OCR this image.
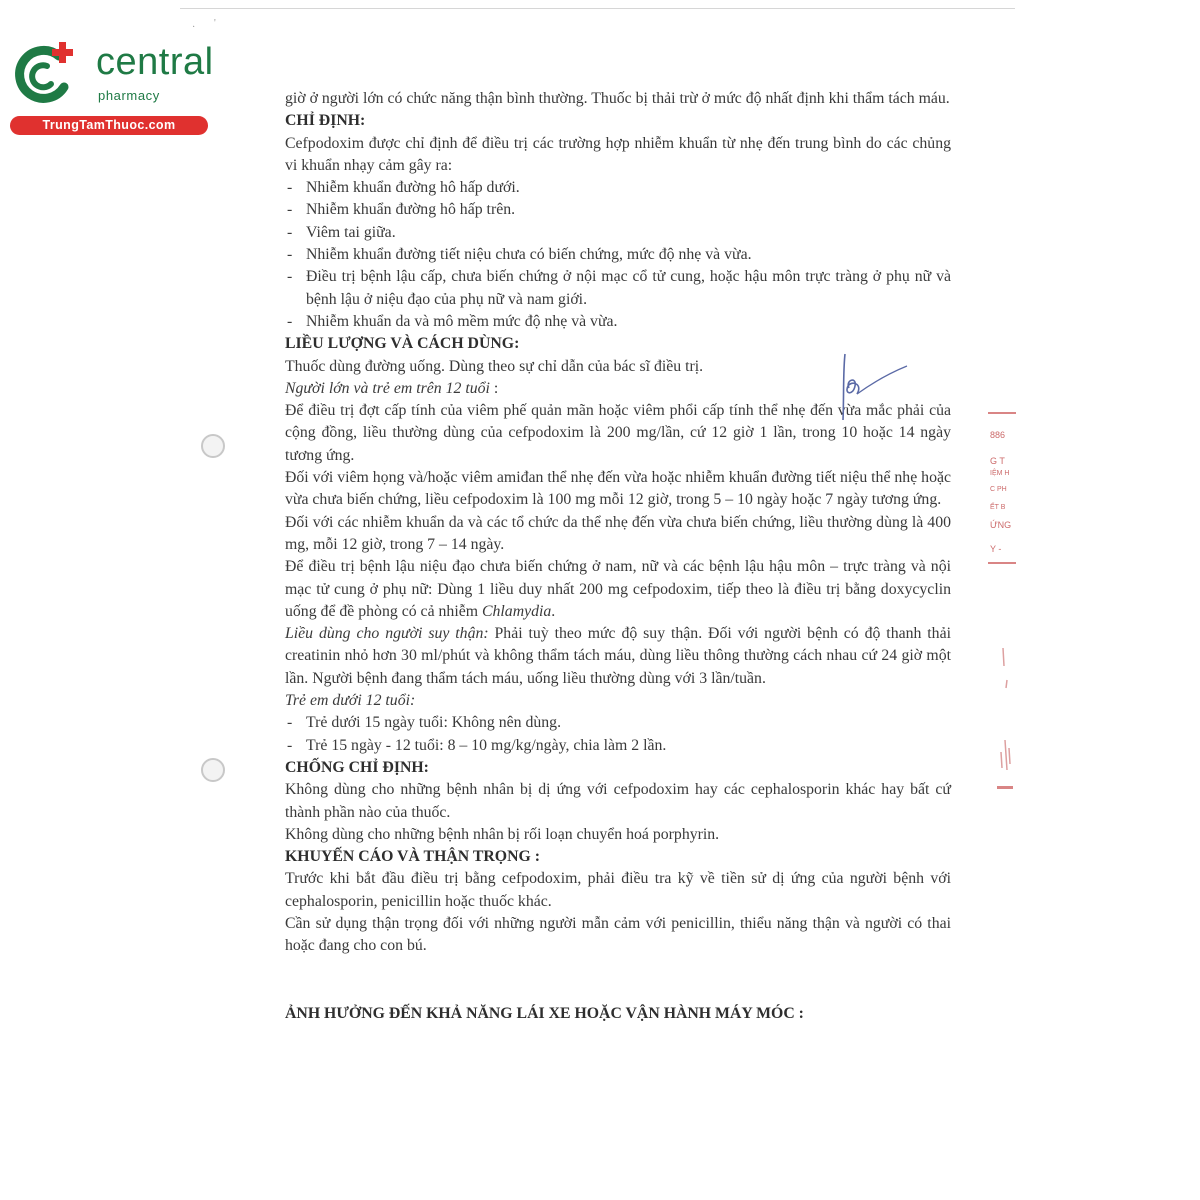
· '
central
pharmacy
TrungTamThuoc.com

giờ ở người lớn có chức năng thận bình thường. Thuốc bị thải trừ ở mức độ nhất định khi thẩm tách máu.

CHỈ ĐỊNH:

Cefpodoxim được chỉ định để điều trị các trường hợp nhiễm khuẩn từ nhẹ đến trung bình do các chủng vi khuẩn nhạy cảm gây ra:

- Nhiễm khuẩn đường hô hấp dưới.
- Nhiễm khuẩn đường hô hấp trên.
- Viêm tai giữa.
- Nhiễm khuẩn đường tiết niệu chưa có biến chứng, mức độ nhẹ và vừa.
- Điều trị bệnh lậu cấp, chưa biến chứng ở nội mạc cổ tử cung, hoặc hậu môn trực tràng ở phụ nữ và bệnh lậu ở niệu đạo của phụ nữ và nam giới.
- Nhiễm khuẩn da và mô mềm mức độ nhẹ và vừa.
LIỀU LƯỢNG VÀ CÁCH DÙNG:

Thuốc dùng đường uống. Dùng theo sự chỉ dẫn của bác sĩ điều trị.

Người lớn và trẻ em trên 12 tuổi :

Để điều trị đợt cấp tính của viêm phế quản mãn hoặc viêm phổi cấp tính thể nhẹ đến vừa mắc phải của cộng đồng, liều thường dùng của cefpodoxim là 200 mg/lần, cứ 12 giờ 1 lần, trong 10 hoặc 14 ngày tương ứng.

Đối với viêm họng và/hoặc viêm amiđan thể nhẹ đến vừa hoặc nhiễm khuẩn đường tiết niệu thể nhẹ hoặc vừa chưa biến chứng, liều cefpodoxim là 100 mg mỗi 12 giờ, trong 5 – 10 ngày hoặc 7 ngày tương ứng.

Đối với các nhiễm khuẩn da và các tổ chức da thể nhẹ đến vừa chưa biến chứng, liều thường dùng là 400 mg, mỗi 12 giờ, trong 7 – 14 ngày.

Để điều trị bệnh lậu niệu đạo chưa biến chứng ở nam, nữ và các bệnh lậu hậu môn – trực tràng và nội mạc tử cung ở phụ nữ: Dùng 1 liều duy nhất 200 mg cefpodoxim, tiếp theo là điều trị bằng doxycyclin uống để đề phòng có cả nhiễm Chlamydia.

Liều dùng cho người suy thận: Phải tuỳ theo mức độ suy thận. Đối với người bệnh có độ thanh thải creatinin nhỏ hơn 30 ml/phút và không thẩm tách máu, dùng liều thông thường cách nhau cứ 24 giờ một lần. Người bệnh đang thẩm tách máu, uống liều thường dùng với 3 lần/tuần.

Trẻ em dưới 12 tuổi:

- Trẻ dưới 15 ngày tuổi: Không nên dùng.
- Trẻ 15 ngày - 12 tuổi: 8 – 10 mg/kg/ngày, chia làm 2 lần.
CHỐNG CHỈ ĐỊNH:

Không dùng cho những bệnh nhân bị dị ứng với cefpodoxim hay các cephalosporin khác hay bất cứ thành phần nào của thuốc.

Không dùng cho những bệnh nhân bị rối loạn chuyển hoá porphyrin.

KHUYẾN CÁO VÀ THẬN TRỌNG :

Trước khi bắt đầu điều trị bằng cefpodoxim, phải điều tra kỹ về tiền sử dị ứng của người bệnh với cephalosporin, penicillin hoặc thuốc khác.

Cần sử dụng thận trọng đối với những người mẫn cảm với penicillin, thiểu năng thận và người có thai hoặc đang cho con bú.

ẢNH HƯỞNG ĐẾN KHẢ NĂNG LÁI XE HOẶC VẬN HÀNH MÁY MÓC :
886
G T
IỆM H
C PH
ẾT B
ỨNG
Y -
